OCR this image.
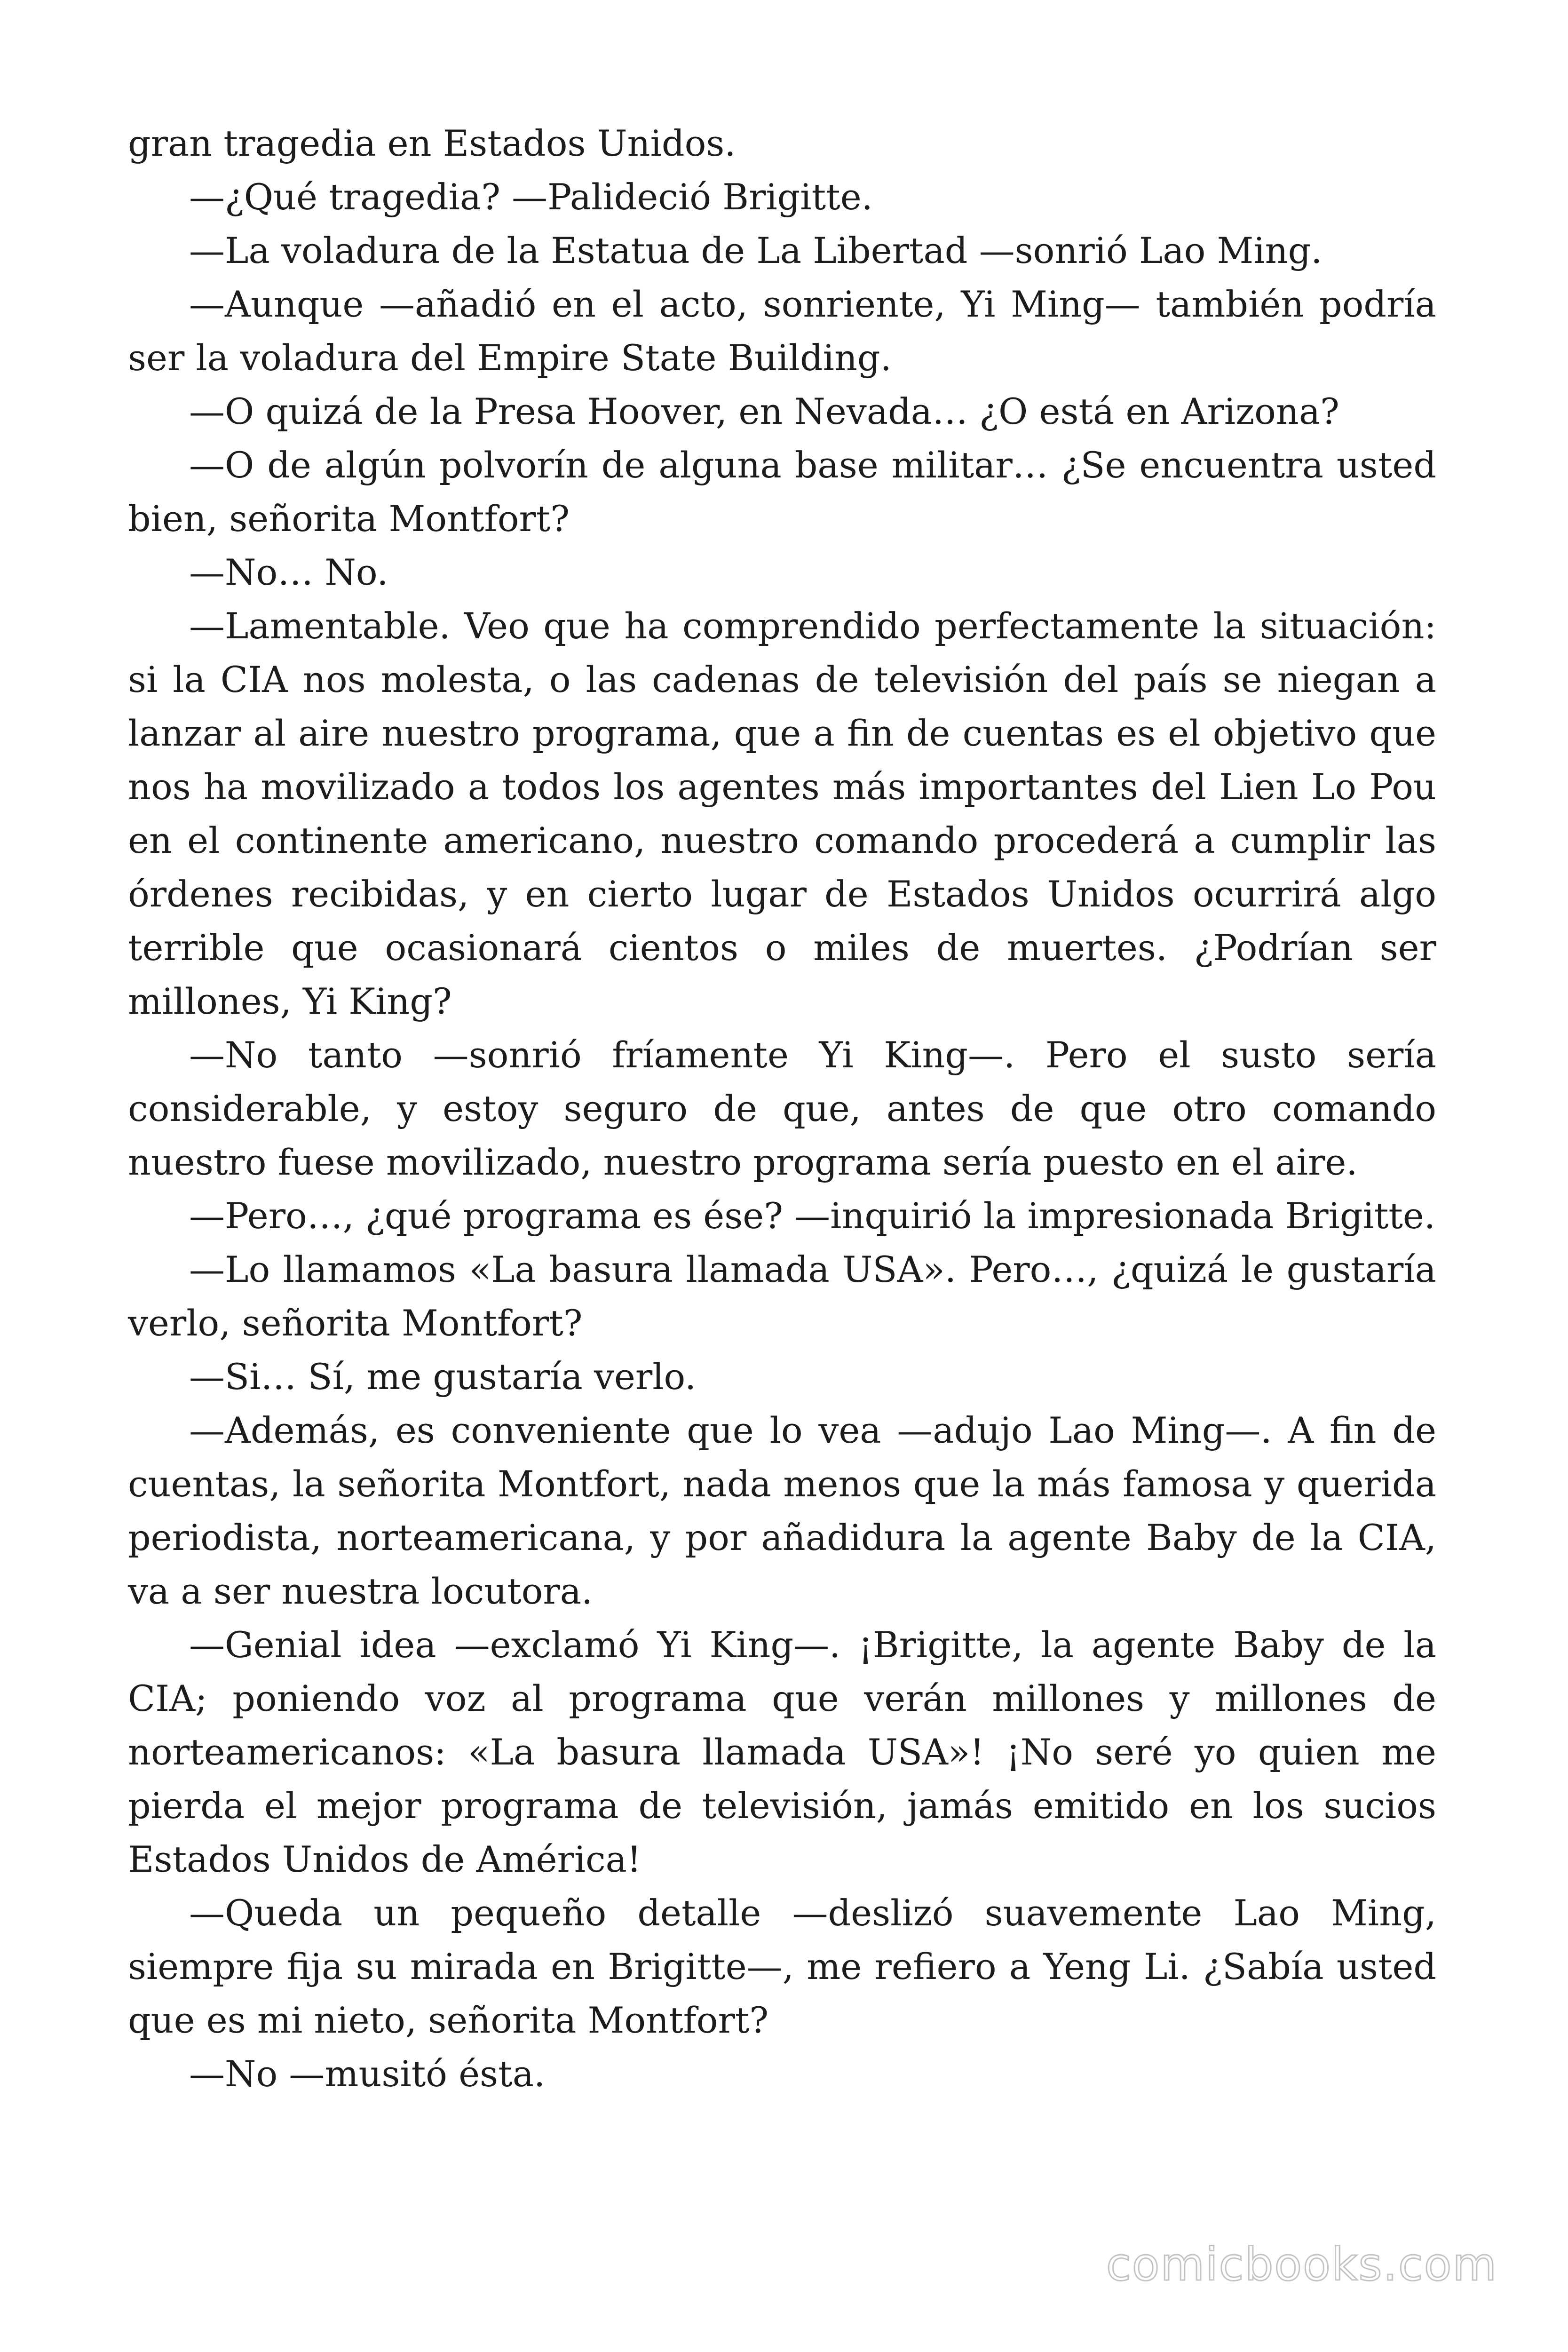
gran tragedia en Estados Unidos.

—¿Qué tragedia? —Palideció Brigitte.

—La voladura de la Estatua de La Libertad —sonrió Lao Ming.

—Aunque —añadió en el acto, sonriente, Yi Ming— también podría ser la voladura del Empire State Building.

—O quizá de la Presa Hoover, en Nevada… ¿O está en Arizona?

—O de algún polvorín de alguna base militar… ¿Se encuentra usted bien, señorita Montfort?

—No… No.

—Lamentable. Veo que ha comprendido perfectamente la situación: si la CIA nos molesta, o las cadenas de televisión del país se niegan a lanzar al aire nuestro programa, que a fin de cuentas es el objetivo que nos ha movilizado a todos los agentes más importantes del Lien Lo Pou en el continente americano, nuestro comando procederá a cumplir las órdenes recibidas, y en cierto lugar de Estados Unidos ocurrirá algo terrible que ocasionará cientos o miles de muertes. ¿Podrían ser millones, Yi King?

—No tanto —sonrió fríamente Yi King—. Pero el susto sería considerable, y estoy seguro de que, antes de que otro comando nuestro fuese movilizado, nuestro programa sería puesto en el aire.

—Pero…, ¿qué programa es ése? —inquirió la impresionada Brigitte.

—Lo llamamos «La basura llamada USA». Pero…, ¿quizá le gustaría verlo, señorita Montfort?

—Si… Sí, me gustaría verlo.

—Además, es conveniente que lo vea —adujo Lao Ming—. A fin de cuentas, la señorita Montfort, nada menos que la más famosa y querida periodista, norteamericana, y por añadidura la agente Baby de la CIA, va a ser nuestra locutora.

—Genial idea —exclamó Yi King—. ¡Brigitte, la agente Baby de la CIA; poniendo voz al programa que verán millones y millones de norteamericanos: «La basura llamada USA»! ¡No seré yo quien me pierda el mejor programa de televisión, jamás emitido en los sucios Estados Unidos de América!

—Queda un pequeño detalle —deslizó suavemente Lao Ming, siempre fija su mirada en Brigitte—, me refiero a Yeng Li. ¿Sabía usted que es mi nieto, señorita Montfort?

—No —musitó ésta.

comicbooks.com
